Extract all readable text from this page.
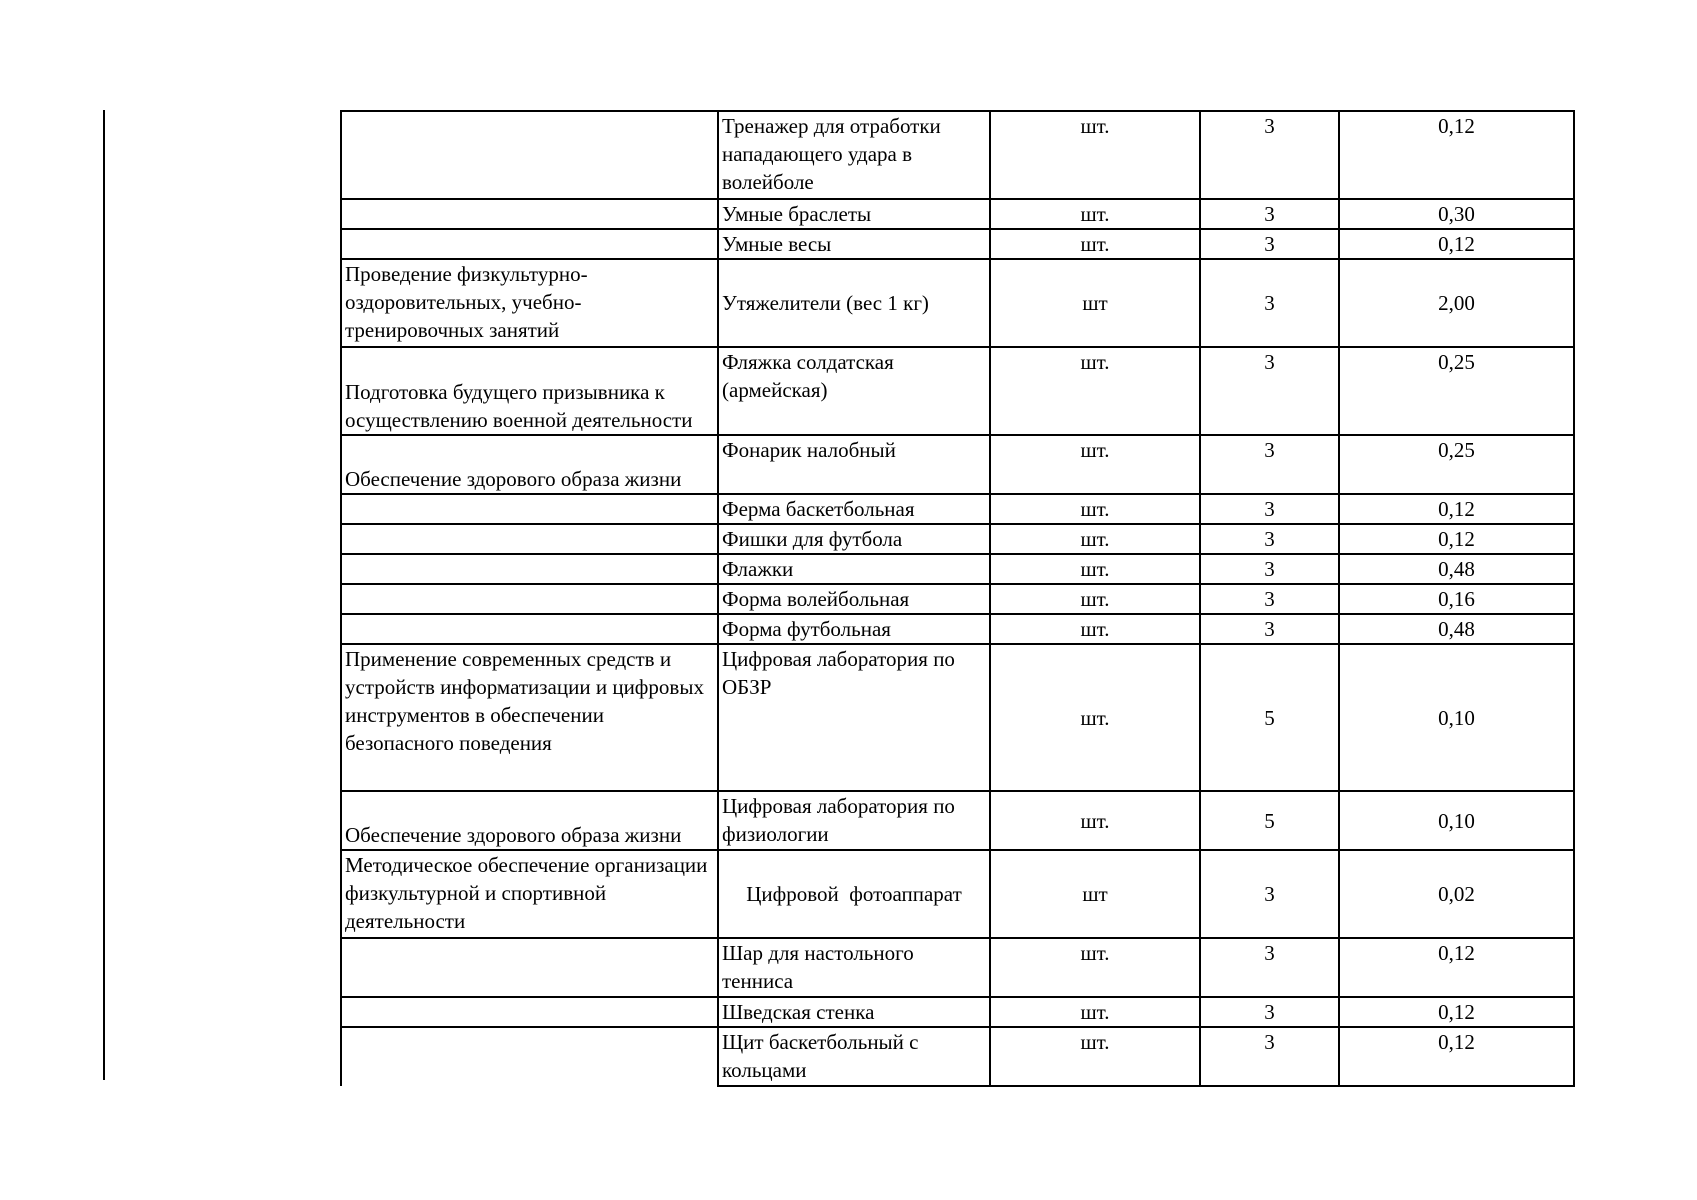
	Тренажер для отработки нападающего удара в волейболе	шт.	3	0,12
	Умные браслеты	шт.	3	0,30
	Умные весы	шт.	3	0,12
Проведение физкультурно-оздоровительных, учебно-тренировочных занятий	Утяжелители (вес 1 кг)	шт	3	2,00
Подготовка будущего призывника к осуществлению военной деятельности	Фляжка солдатская (армейская)	шт.	3	0,25
Обеспечение здорового образа жизни	Фонарик налобный	шт.	3	0,25
	Ферма баскетбольная	шт.	3	0,12
	Фишки для футбола	шт.	3	0,12
	Флажки	шт.	3	0,48
	Форма волейбольная	шт.	3	0,16
	Форма футбольная	шт.	3	0,48
Применение современных средств и устройств информатизации и цифровых инструментов в обеспечении безопасного поведения	Цифровая лаборатория по ОБЗР	шт.	5	0,10
Обеспечение здорового образа жизни	Цифровая лаборатория по физиологии	шт.	5	0,10
Методическое обеспечение организации физкультурной и спортивной деятельности	Цифровой  фотоаппарат	шт	3	0,02
	Шар для настольного тенниса	шт.	3	0,12
	Шведская стенка	шт.	3	0,12
	Щит баскетбольный с кольцами	шт.	3	0,12
